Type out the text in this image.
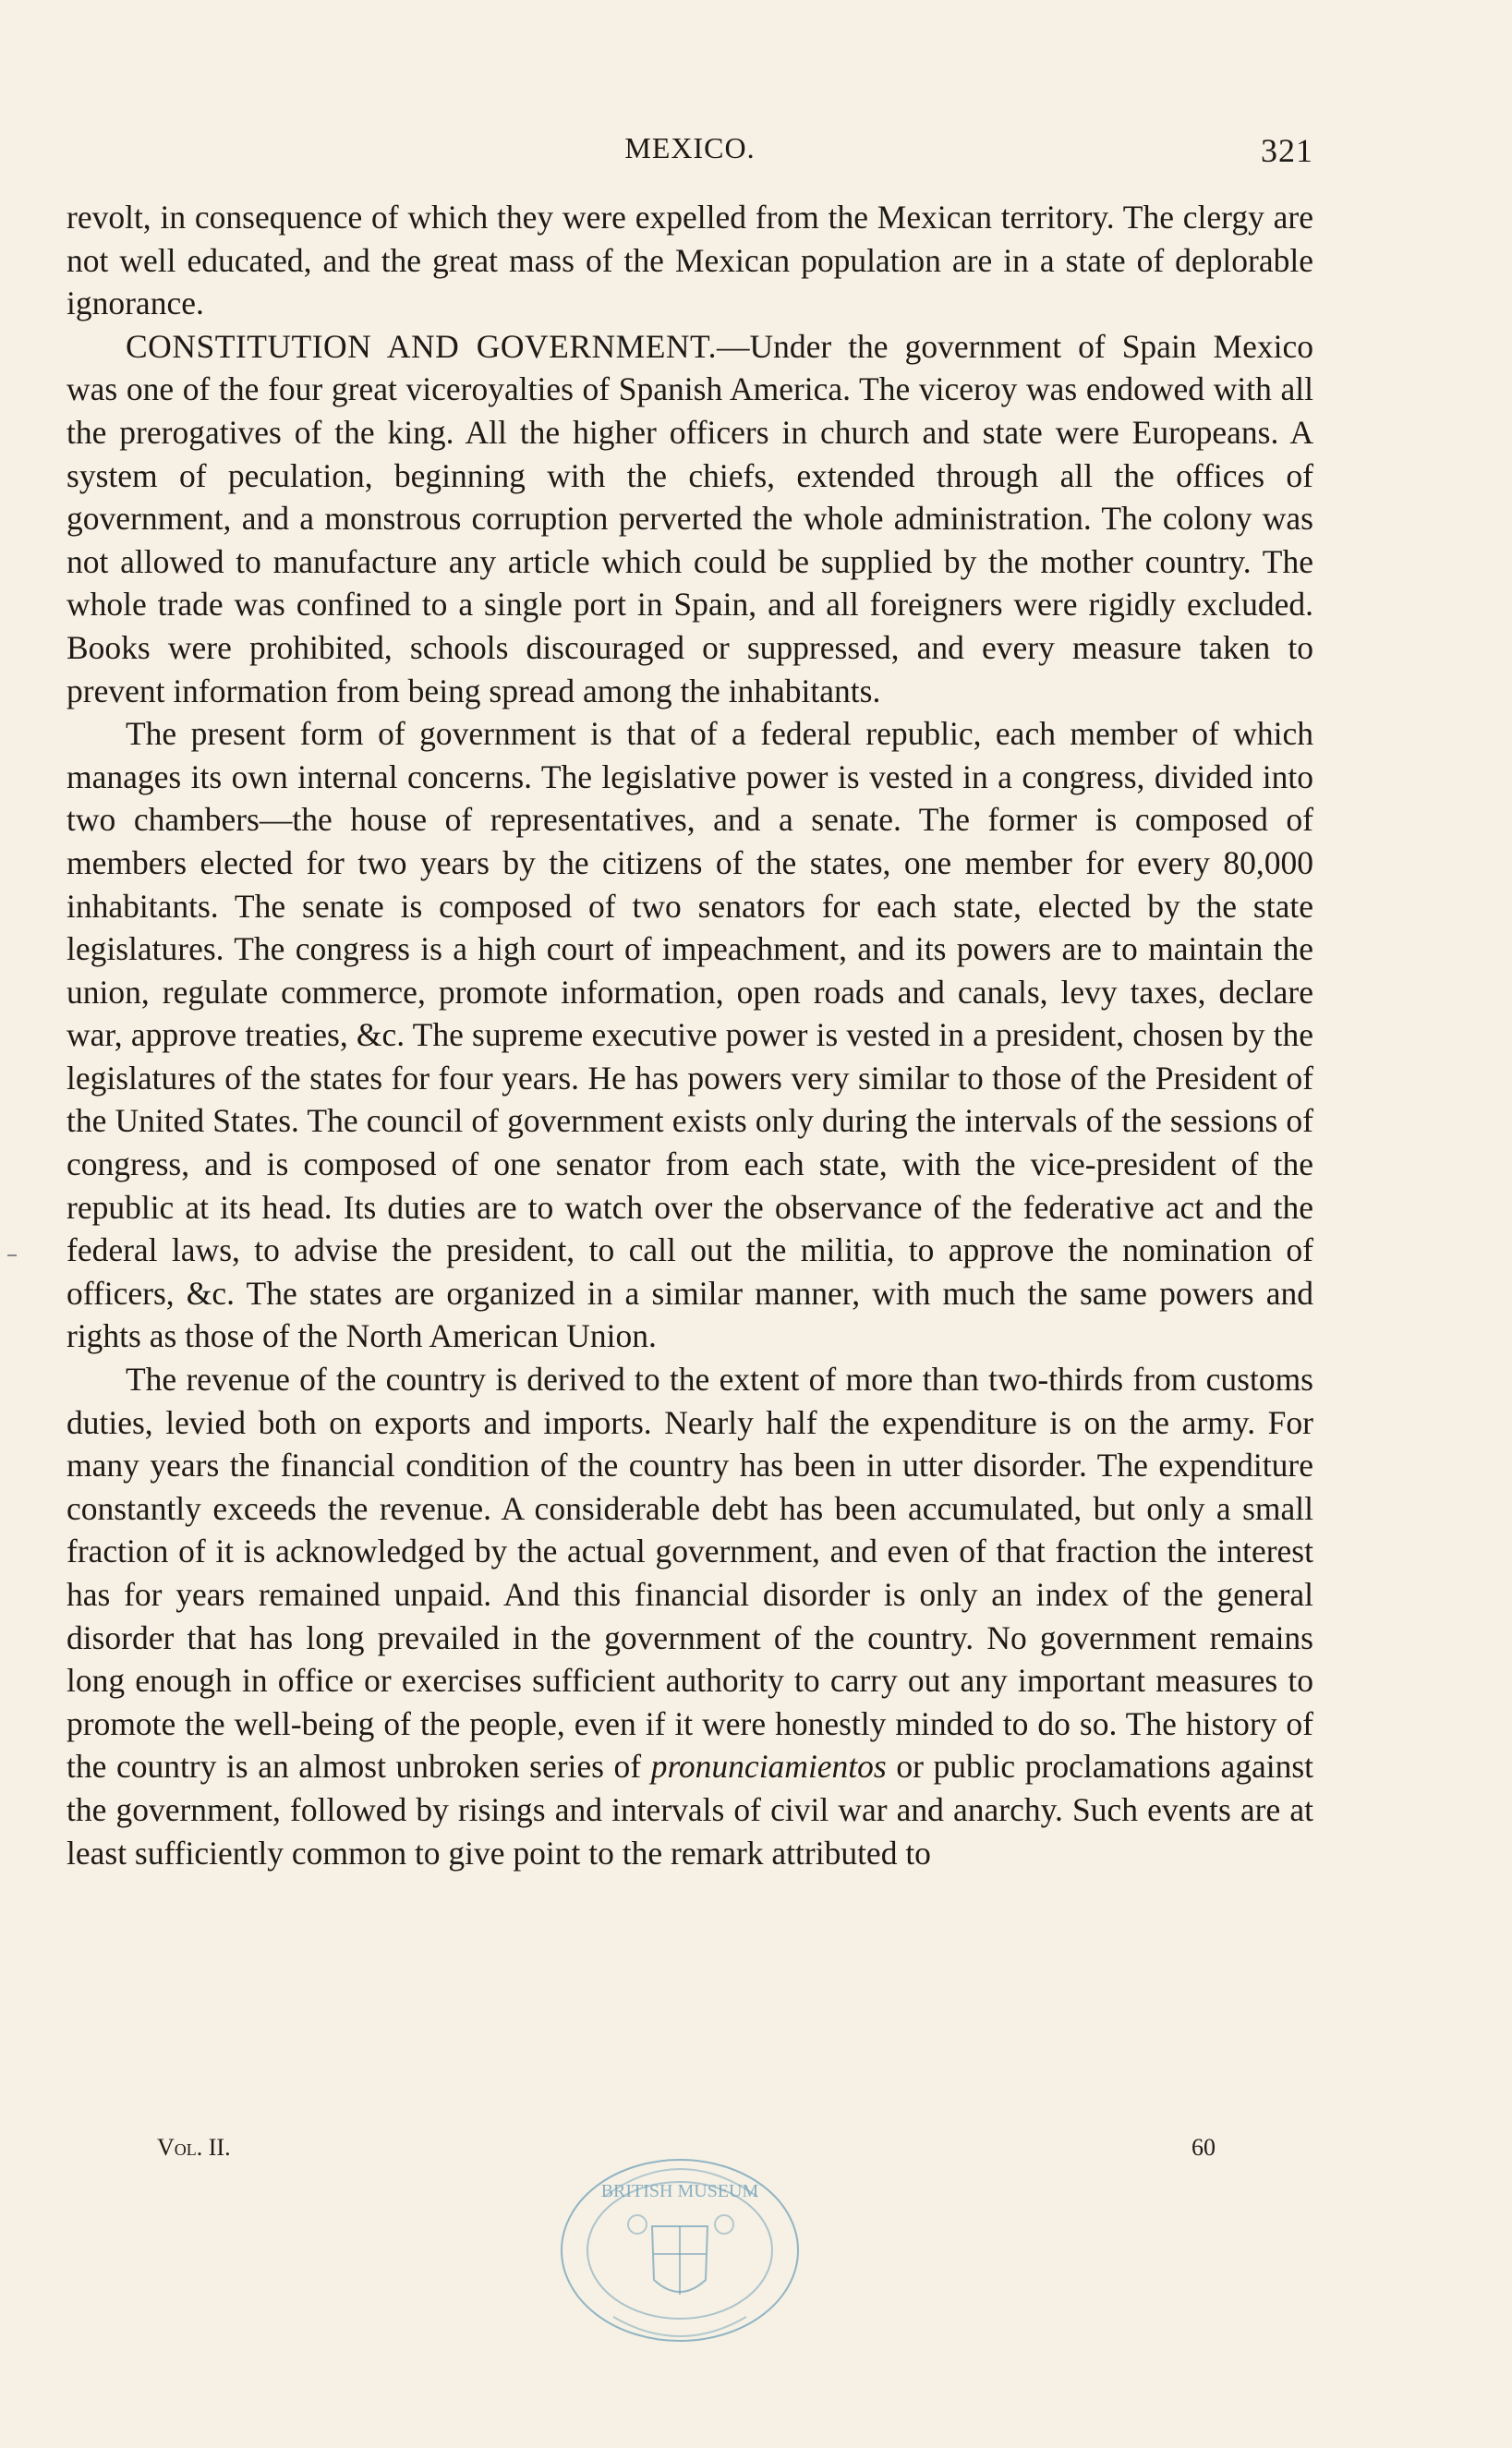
MEXICO.	321

revolt, in consequence of which they were expelled from the Mexican territory. The clergy are not well educated, and the great mass of the Mexican population are in a state of deplorable ignorance.

CONSTITUTION AND GOVERNMENT.—Under the government of Spain Mexico was one of the four great viceroyalties of Spanish America. The viceroy was endowed with all the prerogatives of the king. All the higher officers in church and state were Europeans. A system of peculation, beginning with the chiefs, extended through all the offices of government, and a monstrous corruption perverted the whole administration. The colony was not allowed to manufacture any article which could be supplied by the mother country. The whole trade was confined to a single port in Spain, and all foreigners were rigidly excluded. Books were prohibited, schools discouraged or suppressed, and every measure taken to prevent information from being spread among the inhabitants.

The present form of government is that of a federal republic, each member of which manages its own internal concerns. The legislative power is vested in a congress, divided into two chambers—the house of representatives, and a senate. The former is composed of members elected for two years by the citizens of the states, one member for every 80,000 inhabitants. The senate is composed of two senators for each state, elected by the state legislatures. The congress is a high court of impeachment, and its powers are to maintain the union, regulate commerce, promote information, open roads and canals, levy taxes, declare war, approve treaties, &c. The supreme executive power is vested in a president, chosen by the legislatures of the states for four years. He has powers very similar to those of the President of the United States. The council of government exists only during the intervals of the sessions of congress, and is composed of one senator from each state, with the vice-president of the republic at its head. Its duties are to watch over the observance of the federative act and the federal laws, to advise the president, to call out the militia, to approve the nomination of officers, &c. The states are organized in a similar manner, with much the same powers and rights as those of the North American Union.

The revenue of the country is derived to the extent of more than two-thirds from customs duties, levied both on exports and imports. Nearly half the expenditure is on the army. For many years the financial condition of the country has been in utter disorder. The expenditure constantly exceeds the revenue. A considerable debt has been accumulated, but only a small fraction of it is acknowledged by the actual government, and even of that fraction the interest has for years remained unpaid. And this financial disorder is only an index of the general disorder that has long prevailed in the government of the country. No government remains long enough in office or exercises sufficient authority to carry out any important measures to promote the well-being of the people, even if it were honestly minded to do so. The history of the country is an almost unbroken series of pronunciamientos or public proclamations against the government, followed by risings and intervals of civil war and anarchy. Such events are at least sufficiently common to give point to the remark attributed to

Vol. II.	60
BRITISH MUSEUM
